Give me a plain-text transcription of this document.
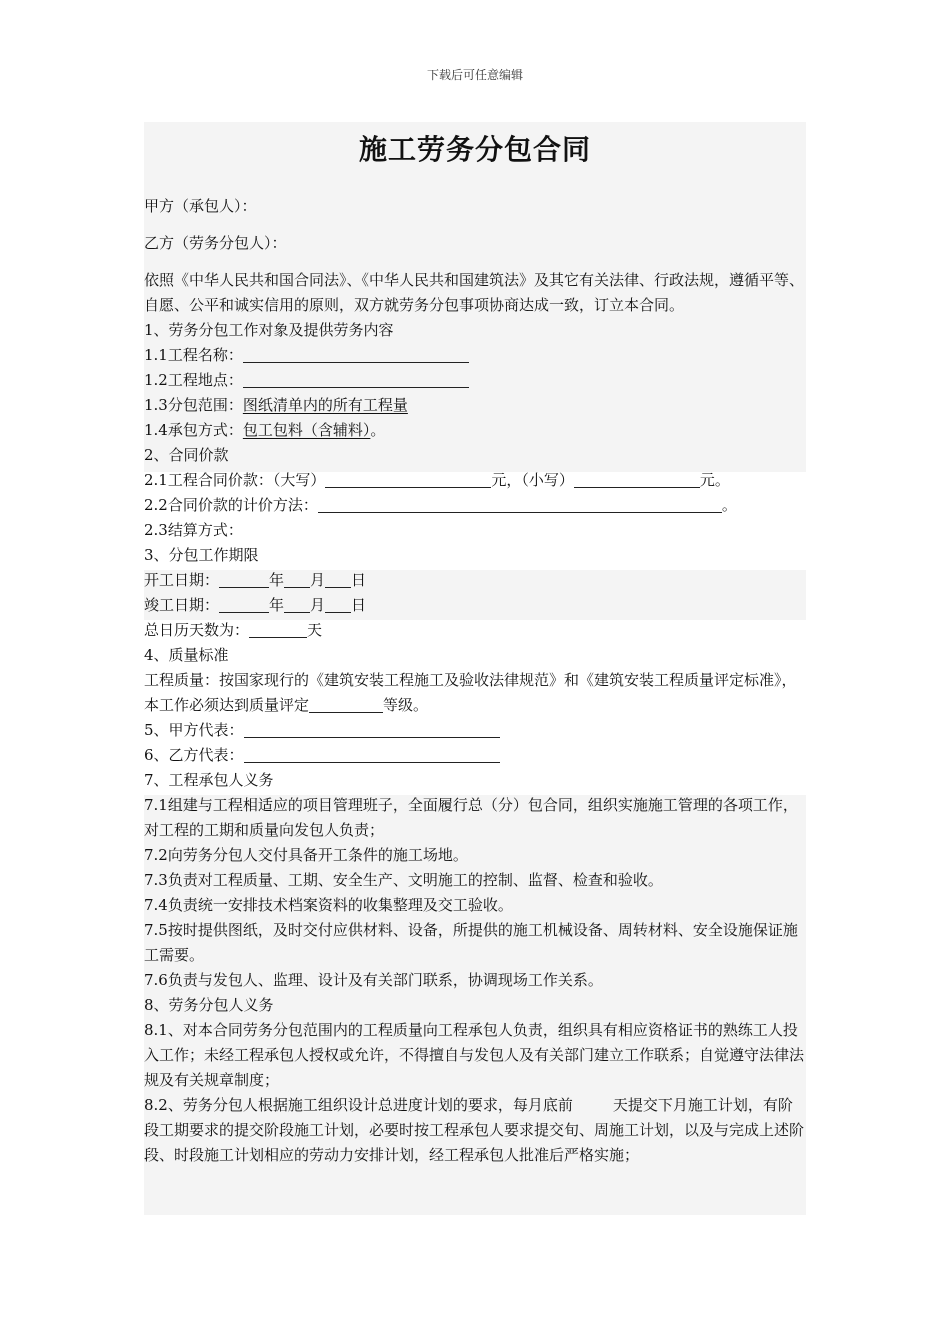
下载后可任意编辑
施工劳务分包合同

甲方（承包人）：

乙方（劳务分包人）：

依照《中华人民共和国合同法》、《中华人民共和国建筑法》及其它有关法律、行政法规，遵循平等、自愿、公平和诚实信用的原则，双方就劳务分包事项协商达成一致，订立本合同。

1、劳务分包工作对象及提供劳务内容

1.1工程名称：

1.2工程地点：

1.3分包范围：图纸清单内的所有工程量

1.4承包方式：包工包料（含辅料）。

2、合同价款

2.1工程合同价款：（大写）	元，（小写）	元。

2.2合同价款的计价方法：	。

2.3结算方式：

3、分包工作期限

开工日期：	年 月 日

竣工日期：	年 月 日

总日历天数为：	天

4、质量标准

工程质量：按国家现行的《建筑安装工程施工及验收法律规范》和《建筑安装工程质量评定标准》，本工作必须达到质量评定	等级。

5、甲方代表：

6、乙方代表：

7、工程承包人义务

7.1组建与工程相适应的项目管理班子，全面履行总（分）包合同，组织实施施工管理的各项工作，对工程的工期和质量向发包人负责；

7.2向劳务分包人交付具备开工条件的施工场地。

7.3负责对工程质量、工期、安全生产、文明施工的控制、监督、检查和验收。

7.4负责统一安排技术档案资料的收集整理及交工验收。

7.5按时提供图纸，及时交付应供材料、设备，所提供的施工机械设备、周转材料、安全设施保证施工需要。

7.6负责与发包人、监理、设计及有关部门联系，协调现场工作关系。

8、劳务分包人义务

8.1、对本合同劳务分包范围内的工程质量向工程承包人负责，组织具有相应资格证书的熟练工人投入工作；未经工程承包人授权或允许，不得擅自与发包人及有关部门建立工作联系；自觉遵守法律法规及有关规章制度；

8.2、劳务分包人根据施工组织设计总进度计划的要求，每月底前	天提交下月施工计划，有阶段工期要求的提交阶段施工计划，必要时按工程承包人要求提交旬、周施工计划，以及与完成上述阶段、时段施工计划相应的劳动力安排计划，经工程承包人批准后严格实施；
